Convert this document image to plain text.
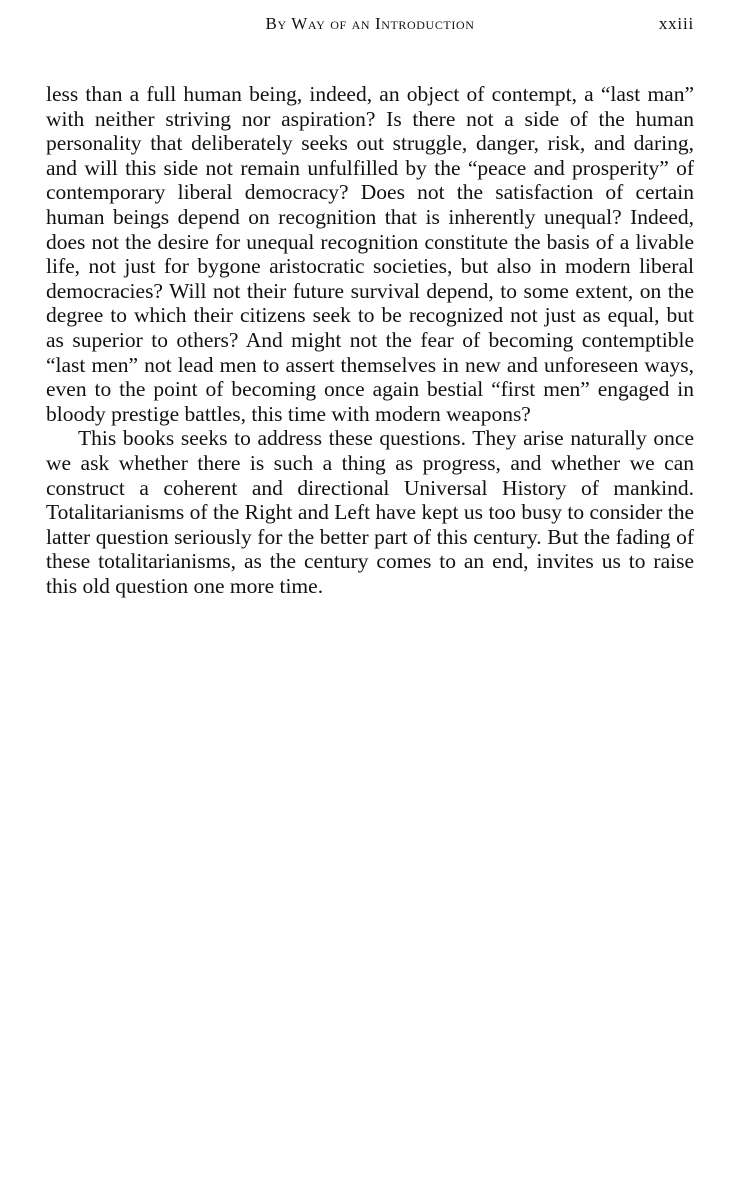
By Way of an Introduction	xxiii

less than a full human being, indeed, an object of contempt, a “last man” with neither striving nor aspiration? Is there not a side of the human personality that deliberately seeks out struggle, danger, risk, and daring, and will this side not remain unfulfilled by the “peace and prosperity” of contemporary liberal democracy? Does not the satisfaction of certain human beings depend on recognition that is inherently unequal? Indeed, does not the desire for unequal recognition constitute the basis of a livable life, not just for bygone aristocratic societies, but also in modern liberal democracies? Will not their future survival depend, to some extent, on the degree to which their citizens seek to be recognized not just as equal, but as superior to others? And might not the fear of becoming contemptible “last men” not lead men to assert themselves in new and unforeseen ways, even to the point of becoming once again bestial “first men” engaged in bloody prestige battles, this time with modern weapons?

This books seeks to address these questions. They arise naturally once we ask whether there is such a thing as progress, and whether we can construct a coherent and directional Universal History of mankind. Totalitarianisms of the Right and Left have kept us too busy to consider the latter question seriously for the better part of this century. But the fading of these totalitarianisms, as the century comes to an end, invites us to raise this old question one more time.
